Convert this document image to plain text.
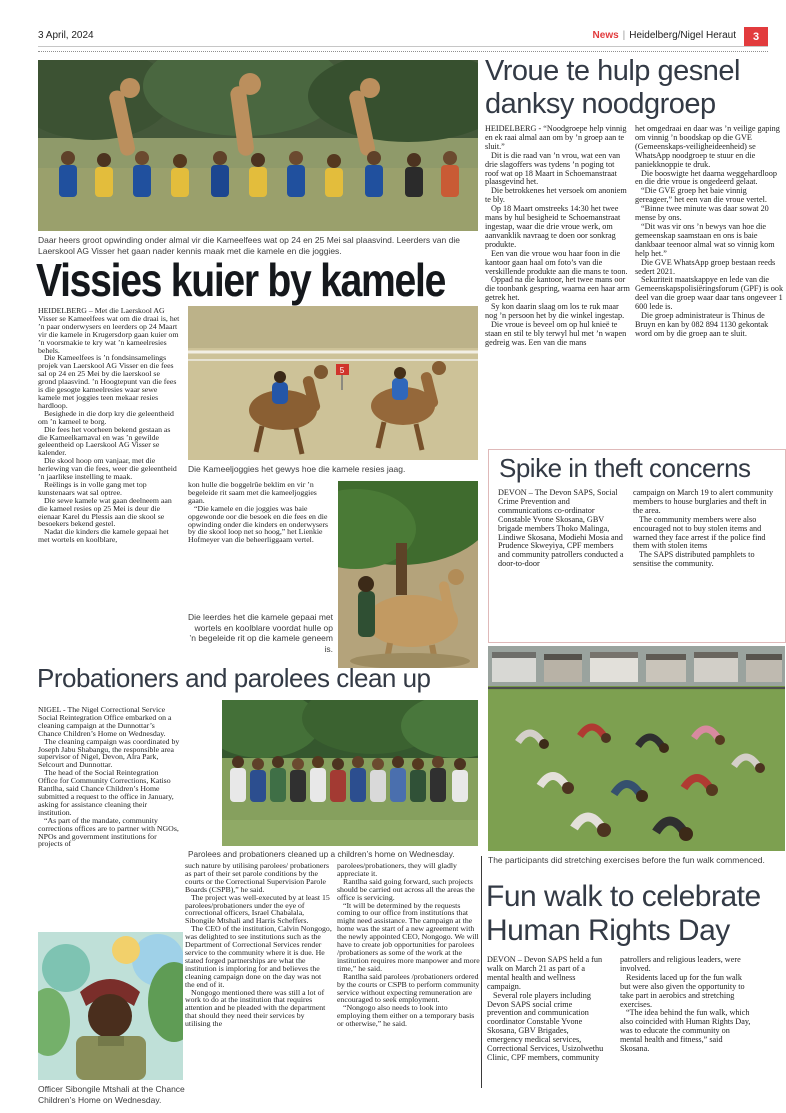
3 April, 2024	News | Heidelberg/Nigel Heraut	3
Daar heers groot opwinding onder almal vir die Kameelfees wat op 24 en 25 Mei sal plaasvind. Leerders van die Laerskool AG Visser het gaan nader kennis maak met die kamele en die joggies.
Vissies kuier by kamele

HEIDELBERG – Met die Laerskool AG Visser se Kameelfees wat om die draai is, het ’n paar onderwysers en leerders op 24 Maart vir die kamele in Krugersdorp gaan kuier om ’n voorsmakie te kry wat ’n kameelresies behels.

Die Kameelfees is ’n fondsinsamelings projek van Laerskool AG Visser en die fees sal op 24 en 25 Mei by die laerskool se grond plaasvind. ’n Hoogtepunt van die fees is die gesogte kameelresies waar sewe kamele met joggies teen mekaar resies hardloop.

Besighede in die dorp kry die geleentheid om ’n kameel te borg.

Die fees het voorheen bekend gestaan as die Kameelkarnaval en was ’n gewilde geleentheid op Laerskool AG Visser se kalender.

Die skool hoop om vanjaar, met die herlewing van die fees, weer die geleentheid ’n jaarlikse instelling te maak.

Reëlings is in volle gang met top kunstenaars wat sal optree.

Die sewe kamele wat gaan deelneem aan die kameel resies op 25 Mei is deur die eienaar Karel du Plessis aan die skool se besoekers bekend gestel.

Nadat die kinders die kamele gepaai het met wortels en koolblare,

5
Die Kameeljoggies het gewys hoe die kamele resies jaag.

kon hulle die boggelrûe beklim en vir ’n begeleide rit saam met die kameeljoggies gaan.

“Die kamele en die joggies was baie opgewonde oor die besoek en die fees en die opwinding onder die kinders en onderwysers by die skool loop net so hoog,” het Lienkie Hofmeyer van die beheerliggaam vertel.

Die leerdes het die kamele gepaai met wortels en koolblare voordat hulle op ’n begeleide rit op die kamele geneem is.
Probationers and parolees clean up

NIGEL - The Nigel Correctional Service Social Reintegration Office embarked on a cleaning campaign at the Dunnottar’s Chance Children’s Home on Wednesday.

The cleaning campaign was coordinated by Joseph Jabu Shabangu, the responsible area supervisor of Nigel, Devon, Alra Park, Selcourt and Dunnottar.

The head of the Social Reintegration Office for Community Corrections, Katiso Rantlha, said Chance Children’s Home submitted a request to the office in January, asking for assistance cleaning their institution.

“As part of the mandate, community corrections offices are to partner with NGOs, NPOs and government institutions for projects of

Parolees and probationers cleaned up a children’s home on Wednesday.

such nature by utilising parolees/ probationers as part of their set parole conditions by the courts or the Correctional Supervision Parole Boards (CSPB),” he said.

The project was well-executed by at least 15 parolees/probationers under the eye of correctional officers, Israel Chabalala, Sibongile Mtshali and Harris Scheffers.

The CEO of the institution, Calvin Nongogo, was delighted to see institutions such as the Department of Correctional Services render service to the community where it is due. He stated forged partnerships are what the institution is imploring for and believes the cleaning campaign done on the day was not the end of it.

Nongogo mentioned there was still a lot of work to do at the institution that requires attention and he pleaded with the department that should they need their services by utilising the

parolees/probationers, they will gladly appreciate it.

Rantlha said going forward, such projects should be carried out across all the areas the office is servicing.

“It will be determined by the requests coming to our office from institutions that might need assistance. The campaign at the home was the start of a new agreement with the newly appointed CEO, Nongogo. We will have to create job opportunities for parolees /probationers as some of the work at the institution requires more manpower and more time,” he said.

Rantlha said parolees /probationers ordered by the courts or CSPB to perform community service without expecting remuneration are encouraged to seek employment.

“Nongogo also needs to look into employing them either on a temporary basis or otherwise,” he said.

Officer Sibongile Mtshali at the Chance Children’s Home on Wednesday.
Vroue te hulp gesnel danksy noodgroep

HEIDELBERG - “Noodgroepe help vinnig en ek raai almal aan om by ’n groep aan te sluit.”

Dit is die raad van ’n vrou, wat een van drie slagoffers was tydens ’n poging tot roof wat op 18 Maart in Schoemanstraat plaasgevind het.

Die betrokkenes het versoek om anoniem te bly.

Op 18 Maart omstreeks 14:30 het twee mans by hul besigheid te Schoemanstraat ingestap, waar die drie vroue werk, om aanvanklik navraag te doen oor sonkrag produkte.

Een van die vroue wou haar foon in die kantoor gaan haal om foto’s van die verskillende produkte aan die mans te toon.

Oppad na die kantoor, het twee mans oor die toonbank gespring, waarna een haar arm getrek het.

Sy kon daarin slaag om los te ruk maar nog ’n persoon het by die winkel ingestap.

Die vroue is beveel om op hul knieë te staan en stil te bly terwyl hul met ’n wapen gedreig was. Een van die mans

het omgedraai en daar was ’n veilige gaping om vinnig ’n boodskap op die GVE (Gemeenskaps-veiligheideenheid) se WhatsApp noodgroep te stuur en die paniekknoppie te druk.

Die booswigte het daarna weggehardloop en die drie vroue is ongedeerd gelaat.

“Die GVE groep het baie vinnig gereageer,” het een van die vroue vertel.

“Binne twee minute was daar sowat 20 mense by ons.

“Dit was vir ons ’n bewys van hoe die gemeenskap saamstaan en ons is baie dankbaar teenoor almal wat so vinnig kom help het.”

Die GVE WhatsApp groep bestaan reeds sedert 2021.

Sekuriteit maatskappye en lede van die Gemeenskapspolisiëringsforum (GPF) is ook deel van die groep waar daar tans ongeveer 1 600 lede is.

Die groep administrateur is Thinus de Bruyn en kan by 082 894 1130 gekontak word om by die groep aan te sluit.

Spike in theft concerns

DEVON – The Devon SAPS, Social Crime Prevention and communications co-ordinator Constable Yvone Skosana, GBV brigade members Thoko Malinga, Lindiwe Skosana, Modiehi Mosia and Prudence Skweyiya, CPF members and community patrollers conducted a door-to-door

campaign on March 19 to alert community members to house burglaries and theft in the area.

The community members were also encouraged not to buy stolen items and warned they face arrest if the police find them with stolen items

The SAPS distributed pamphlets to sensitise the community.

The participants did stretching exercises before the fun walk commenced.
Fun walk to celebrate Human Rights Day

DEVON – Devon SAPS held a fun walk on March 21 as part of a mental health and wellness campaign.

Several role players including Devon SAPS social crime prevention and communication coordinator Constable Yvone Skosana, GBV Brigades, emergency medical services, Correctional Services, Usizolwethu Clinic, CPF members, community

patrollers and religious leaders, were involved.

Residents laced up for the fun walk but were also given the opportunity to take part in aerobics and stretching exercises.

“The idea behind the fun walk, which also coincided with Human Rights Day, was to educate the community on mental health and fitness,” said Skosana.
